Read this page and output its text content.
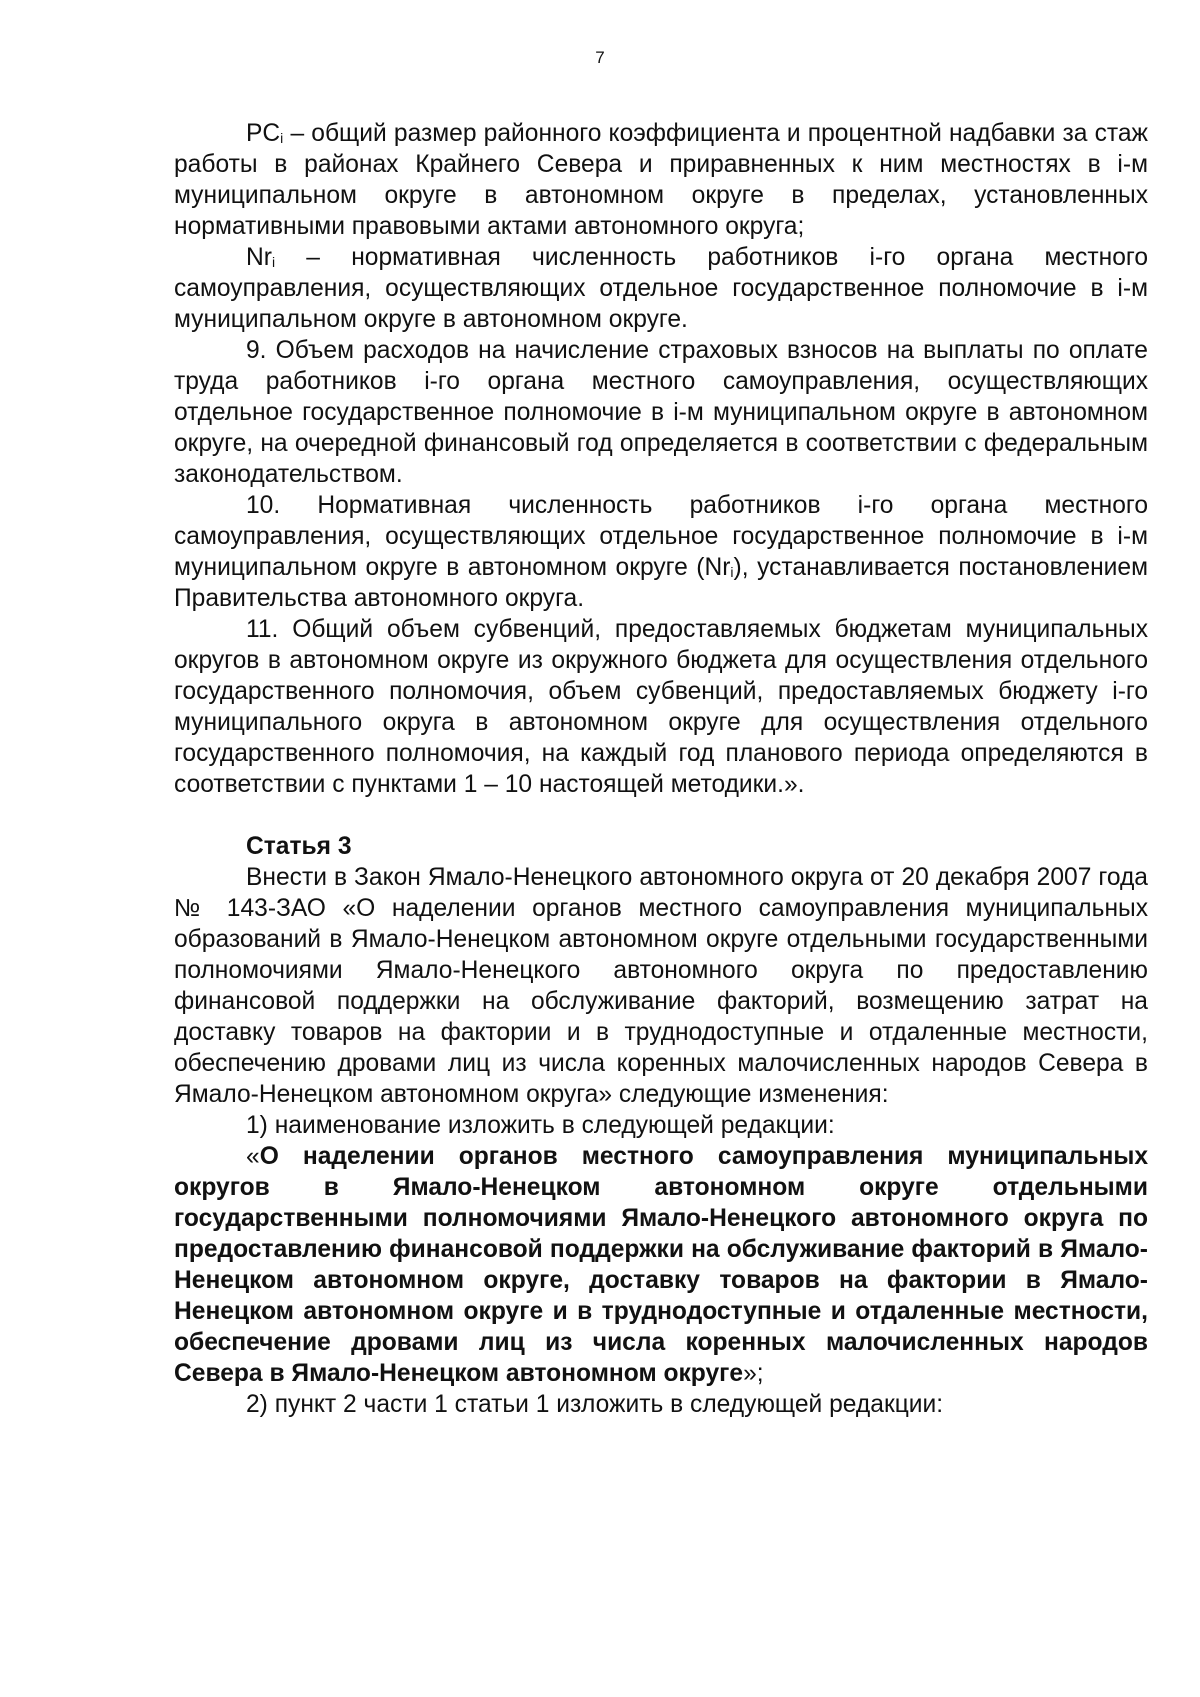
7

$PC_i$ – общий размер районного коэффициента и процентной надбавки за стаж работы в районах Крайнего Севера и приравненных к ним местностях в i-м муниципальном округе в автономном округе в пределах, установленных нормативными правовыми актами автономного округа;

$Nr_i$ – нормативная численность работников i-го органа местного самоуправления, осуществляющих отдельное государственное полномочие в i-м муниципальном округе в автономном округе.

9. Объем расходов на начисление страховых взносов на выплаты по оплате труда работников i-го органа местного самоуправления, осуществляющих отдельное государственное полномочие в i-м муниципальном округе в автономном округе, на очередной финансовый год определяется в соответствии с федеральным законодательством.

10. Нормативная численность работников i-го органа местного самоуправления, осуществляющих отдельное государственное полномочие в i-м муниципальном округе в автономном округе $(Nr_i)$, устанавливается постановлением Правительства автономного округа.

11. Общий объем субвенций, предоставляемых бюджетам муниципальных округов в автономном округе из окружного бюджета для осуществления отдельного государственного полномочия, объем субвенций, предоставляемых бюджету i-го муниципального округа в автономном округе для осуществления отдельного государственного полномочия, на каждый год планового периода определяются в соответствии с пунктами 1 – 10 настоящей методики.».

Статья 3

Внести в Закон Ямало-Ненецкого автономного округа от 20 декабря 2007 года № 143-ЗАО «О наделении органов местного самоуправления муниципальных образований в Ямало-Ненецком автономном округе отдельными государственными полномочиями Ямало-Ненецкого автономного округа по предоставлению финансовой поддержки на обслуживание факторий, возмещению затрат на доставку товаров на фактории и в труднодоступные и отдаленные местности, обеспечению дровами лиц из числа коренных малочисленных народов Севера в Ямало-Ненецком автономном округа» следующие изменения:

1) наименование изложить в следующей редакции:

«О наделении органов местного самоуправления муниципальных округов в Ямало-Ненецком автономном округе отдельными государственными полномочиями Ямало-Ненецкого автономного округа по предоставлению финансовой поддержки на обслуживание факторий в Ямало-Ненецком автономном округе, доставку товаров на фактории в Ямало-Ненецком автономном округе и в труднодоступные и отдаленные местности, обеспечение дровами лиц из числа коренных малочисленных народов Севера в Ямало-Ненецком автономном округе»;

2) пункт 2 части 1 статьи 1 изложить в следующей редакции:
